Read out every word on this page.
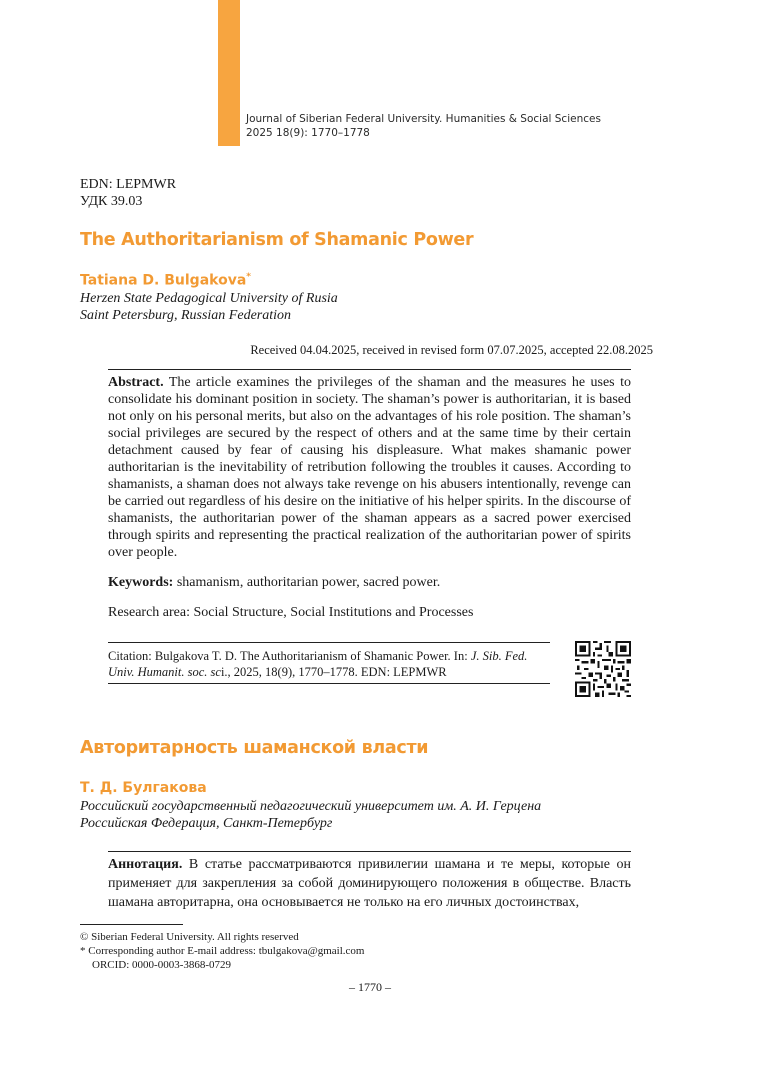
Journal of Siberian Federal University. Humanities & Social Sciences
2025 18(9): 1770–1778
EDN: LEPMWR
УДК 39.03
The Authoritarianism of Shamanic Power
Tatiana D. Bulgakova*
Herzen State Pedagogical University of Rusia
Saint Petersburg, Russian Federation
Received 04.04.2025, received in revised form 07.07.2025, accepted 22.08.2025
Abstract. The article examines the privileges of the shaman and the measures he uses to consolidate his dominant position in society. The shaman’s power is authoritarian, it is based not only on his personal merits, but also on the advantages of his role position. The shaman’s social privileges are secured by the respect of others and at the same time by their certain detachment caused by fear of causing his displeasure. What makes shamanic power authoritarian is the inevitability of retribution following the troubles it causes. According to shamanists, a shaman does not always take revenge on his abusers intentionally, revenge can be carried out regardless of his desire on the initiative of his helper spirits. In the discourse of shamanists, the authoritarian power of the shaman appears as a sacred power exercised through spirits and representing the practical realization of the authoritarian power of spirits over people.
Keywords: shamanism, authoritarian power, sacred power.
Research area: Social Structure, Social Institutions and Processes
Citation: Bulgakova T. D. The Authoritarianism of Shamanic Power. In: J. Sib. Fed. Univ. Humanit. soc. sci., 2025, 18(9), 1770–1778. EDN: LEPMWR
Авторитарность шаманской власти
Т. Д. Булгакова
Российский государственный педагогический университет им. А. И. Герцена
Российская Федерация, Санкт-Петербург
Аннотация. В статье рассматриваются привилегии шамана и те меры, которые он применяет для закрепления за собой доминирующего положения в обществе. Власть шамана авторитарна, она основывается не только на его личных достоинствах,
© Siberian Federal University. All rights reserved
* Corresponding author E-mail address: tbulgakova@gmail.com
ORCID: 0000-0003-3868-0729
– 1770 –
